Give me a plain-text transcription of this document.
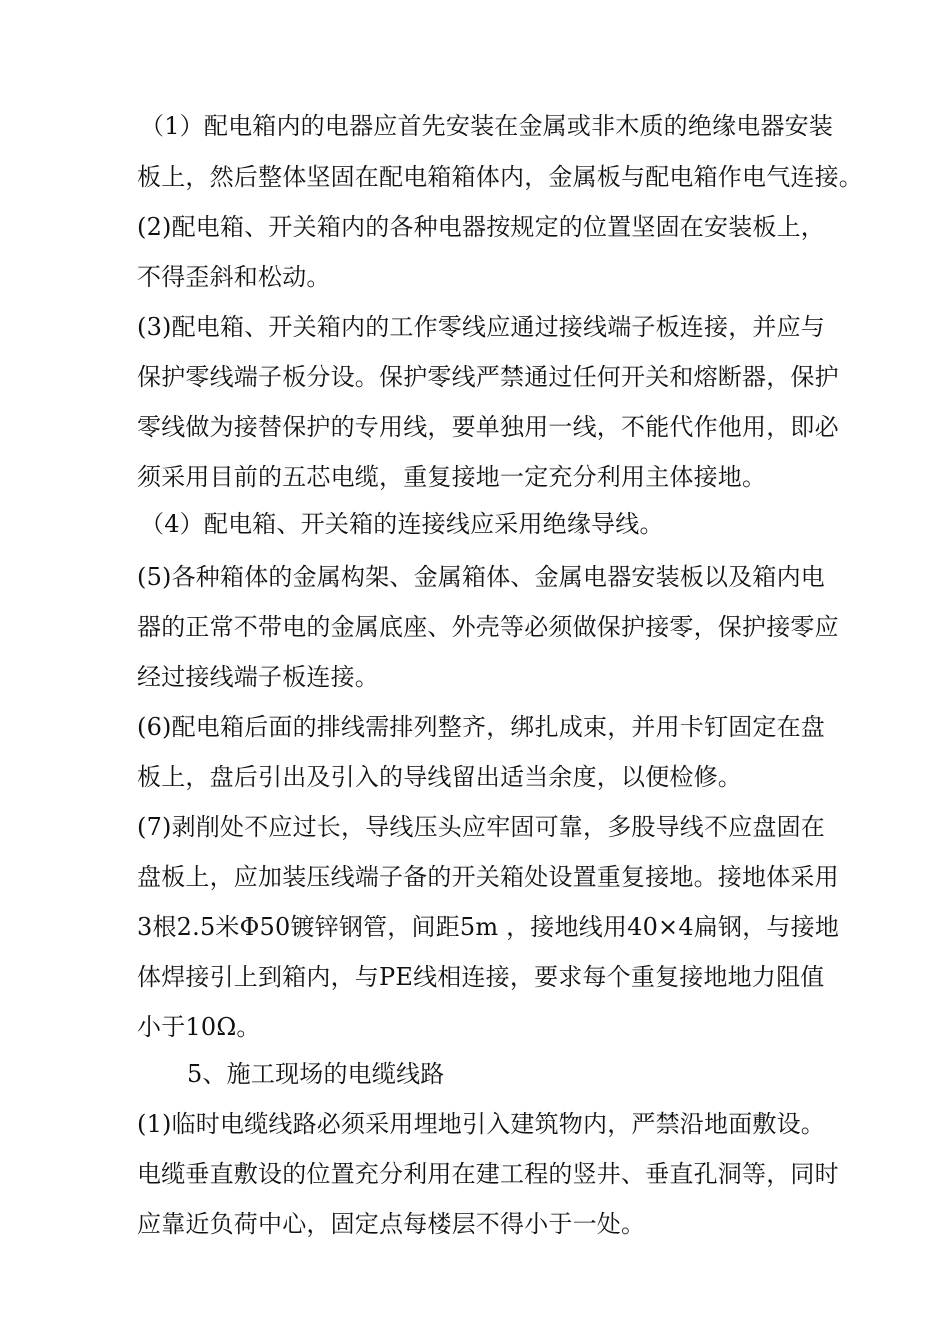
（1）配电箱内的电器应首先安装在金属或非木质的绝缘电器安装
板上，然后整体坚固在配电箱箱体内，金属板与配电箱作电气连接。
(2)配电箱、开关箱内的各种电器按规定的位置坚固在安装板上，
不得歪斜和松动。
(3)配电箱、开关箱内的工作零线应通过接线端子板连接，并应与
保护零线端子板分设。保护零线严禁通过任何开关和熔断器，保护
零线做为接替保护的专用线，要单独用一线，不能代作他用，即必
须采用目前的五芯电缆，重复接地一定充分利用主体接地。
（4）配电箱、开关箱的连接线应采用绝缘导线。
(5)各种箱体的金属构架、金属箱体、金属电器安装板以及箱内电
器的正常不带电的金属底座、外壳等必须做保护接零，保护接零应
经过接线端子板连接。
(6)配电箱后面的排线需排列整齐，绑扎成束，并用卡钉固定在盘
板上，盘后引出及引入的导线留出适当余度，以便检修。
(7)剥削处不应过长，导线压头应牢固可靠，多股导线不应盘固在
盘板上，应加装压线端子备的开关箱处设置重复接地。接地体采用
3根2.5米Φ50镀锌钢管，间距5m ，接地线用40×4扁钢，与接地
体焊接引上到箱内，与PE线相连接，要求每个重复接地地力阻值
小于10Ω。
5、施工现场的电缆线路
(1)临时电缆线路必须采用埋地引入建筑物内，严禁沿地面敷设。
电缆垂直敷设的位置充分利用在建工程的竖井、垂直孔洞等，同时
应靠近负荷中心，固定点每楼层不得小于一处。
